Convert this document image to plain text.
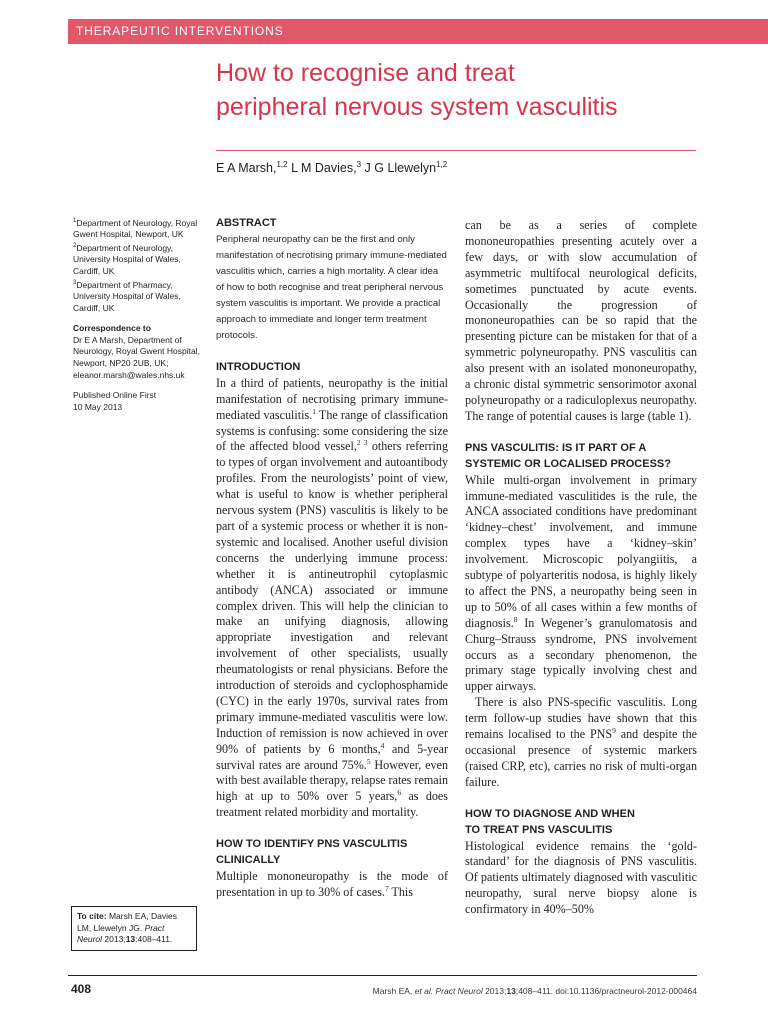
THERAPEUTIC INTERVENTIONS
How to recognise and treat
peripheral nervous system vasculitis
E A Marsh,$^{1,2}$ L M Davies,$^3$ J G Llewelyn$^{1,2}$

$^1$Department of Neurology, Royal Gwent Hospital, Newport, UK

$^2$Department of Neurology, University Hospital of Wales, Cardiff, UK

$^3$Department of Pharmacy, University Hospital of Wales, Cardiff, UK

Correspondence to

Dr E A Marsh, Department of Neurology, Royal Gwent Hospital, Newport, NP20 2UB, UK;

eleanor.marsh@wales.nhs.uk

Published Online First

10 May 2013

To cite: Marsh EA, Davies LM, Llewelyn JG. Pract Neurol 2013;13:408–411.

ABSTRACT

Peripheral neuropathy can be the first and only manifestation of necrotising primary immune-mediated vasculitis which, carries a high mortality. A clear idea of how to both recognise and treat peripheral nervous system vasculitis is important. We provide a practical approach to immediate and longer term treatment protocols.

INTRODUCTION

In a third of patients, neuropathy is the initial manifestation of necrotising primary immune-mediated vasculitis.$^1$ The range of classification systems is confusing: some considering the size of the affected blood vessel,$^{2 3}$ others referring to types of organ involvement and autoantibody profiles. From the neurologists’ point of view, what is useful to know is whether peripheral nervous system (PNS) vasculitis is likely to be part of a systemic process or whether it is non-systemic and localised. Another useful division concerns the underlying immune process: whether it is antineutrophil cytoplasmic antibody (ANCA) associated or immune complex driven. This will help the clinician to make an unifying diagnosis, allowing appropriate investigation and relevant involvement of other specialists, usually rheumatologists or renal physicians. Before the introduction of steroids and cyclophosphamide (CYC) in the early 1970s, survival rates from primary immune-mediated vasculitis were low. Induction of remission is now achieved in over 90% of patients by 6 months,$^4$ and 5-year survival rates are around 75%.$^5$ However, even with best available therapy, relapse rates remain high at up to 50% over 5 years,$^6$ as does treatment related morbidity and mortality.

HOW TO IDENTIFY PNS VASCULITIS
CLINICALLY

Multiple mononeuropathy is the mode of presentation in up to 30% of cases.$^7$ This

can be as a series of complete mononeuropathies presenting acutely over a few days, or with slow accumulation of asymmetric multifocal neurological deficits, sometimes punctuated by acute events. Occasionally the progression of mononeuropathies can be so rapid that the presenting picture can be mistaken for that of a symmetric polyneuropathy. PNS vasculitis can also present with an isolated mononeuropathy, a chronic distal symmetric sensorimotor axonal polyneuropathy or a radiculoplexus neuropathy. The range of potential causes is large (table 1).

PNS VASCULITIS: IS IT PART OF A
SYSTEMIC OR LOCALISED PROCESS?

While multi-organ involvement in primary immune-mediated vasculitides is the rule, the ANCA associated conditions have predominant ‘kidney–chest’ involvement, and immune complex types have a ‘kidney–skin’ involvement. Microscopic polyangiitis, a subtype of polyarteritis nodosa, is highly likely to affect the PNS, a neuropathy being seen in up to 50% of all cases within a few months of diagnosis.$^8$ In Wegener’s granulomatosis and Churg–Strauss syndrome, PNS involvement occurs as a secondary phenomenon, the primary stage typically involving chest and upper airways.

There is also PNS-specific vasculitis. Long term follow-up studies have shown that this remains localised to the PNS$^9$ and despite the occasional presence of systemic markers (raised CRP, etc), carries no risk of multi-organ failure.

HOW TO DIAGNOSE AND WHEN
TO TREAT PNS VASCULITIS

Histological evidence remains the ‘gold-standard’ for the diagnosis of PNS vasculitis. Of patients ultimately diagnosed with vasculitic neuropathy, sural nerve biopsy alone is confirmatory in 40%–50%

408	Marsh EA, et al. Pract Neurol 2013;13:408–411. doi:10.1136/practneurol-2012-000464
